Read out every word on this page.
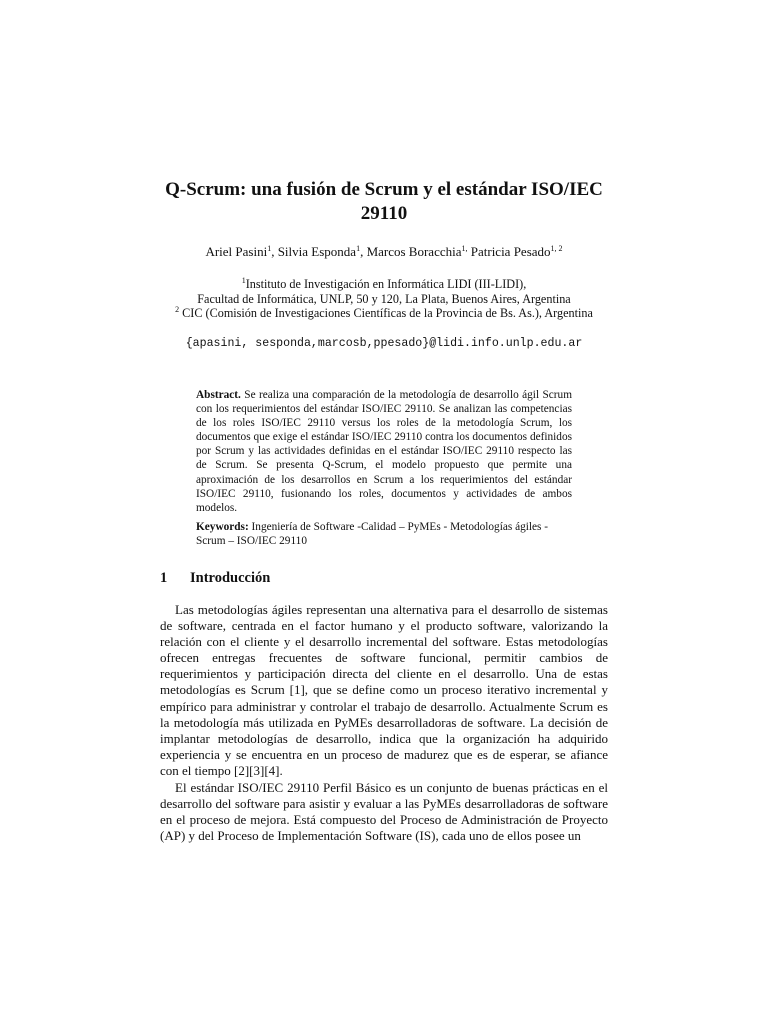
Q-Scrum: una fusión de Scrum y el estándar ISO/IEC 29110
Ariel Pasini$^1$, Silvia Esponda$^1$, Marcos Boracchia$^{1,}$ Patricia Pesado$^{1, 2}$
$^1$Instituto de Investigación en Informática LIDI (III-LIDI),
Facultad de Informática, UNLP, 50 y 120, La Plata, Buenos Aires, Argentina
$^2$ CIC (Comisión de Investigaciones Científicas de la Provincia de Bs. As.), Argentina
{apasini, sesponda,marcosb,ppesado}@lidi.info.unlp.edu.ar
Abstract. Se realiza una comparación de la metodología de desarrollo ágil Scrum con los requerimientos del estándar ISO/IEC 29110. Se analizan las competencias de los roles ISO/IEC 29110 versus los roles de la metodología Scrum, los documentos que exige el estándar ISO/IEC 29110 contra los documentos definidos por Scrum y las actividades definidas en el estándar ISO/IEC 29110 respecto las de Scrum. Se presenta Q-Scrum, el modelo propuesto que permite una aproximación de los desarrollos en Scrum a los requerimientos del estándar ISO/IEC 29110, fusionando los roles, documentos y actividades de ambos modelos.
Keywords: Ingeniería de Software -Calidad – PyMEs - Metodologías ágiles - Scrum – ISO/IEC 29110
1 Introducción
Las metodologías ágiles representan una alternativa para el desarrollo de sistemas de software, centrada en el factor humano y el producto software, valorizando la relación con el cliente y el desarrollo incremental del software. Estas metodologías ofrecen entregas frecuentes de software funcional, permitir cambios de requerimientos y participación directa del cliente en el desarrollo. Una de estas metodologías es Scrum [1], que se define como un proceso iterativo incremental y empírico para administrar y controlar el trabajo de desarrollo. Actualmente Scrum es la metodología más utilizada en PyMEs desarrolladoras de software. La decisión de implantar metodologías de desarrollo, indica que la organización ha adquirido experiencia y se encuentra en un proceso de madurez que es de esperar, se afiance con el tiempo [2][3][4].
El estándar ISO/IEC 29110 Perfil Básico es un conjunto de buenas prácticas en el desarrollo del software para asistir y evaluar a las PyMEs desarrolladoras de software en el proceso de mejora. Está compuesto del Proceso de Administración de Proyecto (AP) y del Proceso de Implementación Software (IS), cada uno de ellos posee un
